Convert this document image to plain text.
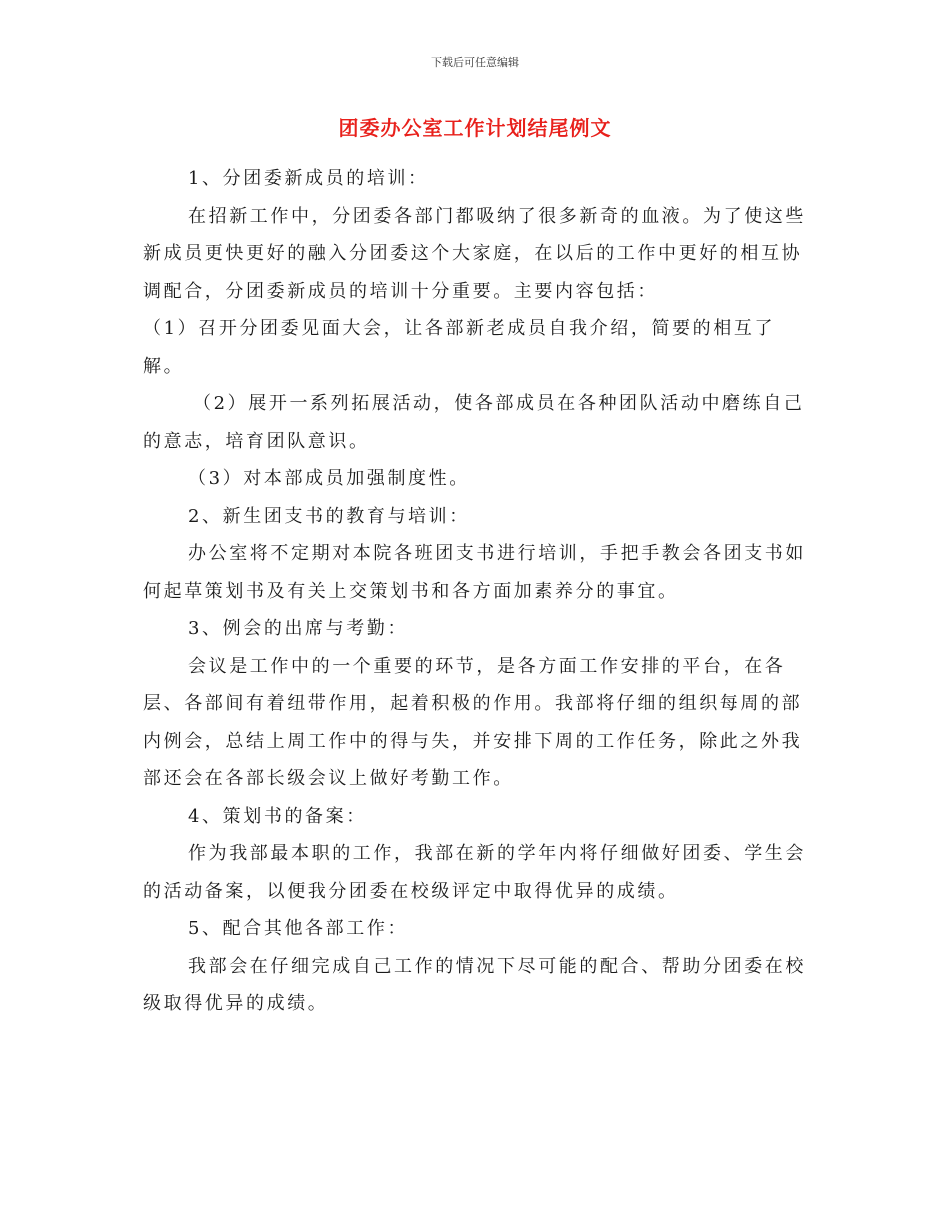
下载后可任意编辑
团委办公室工作计划结尾例文

1、分团委新成员的培训：

在招新工作中，分团委各部门都吸纳了很多新奇的血液。为了使这些新成员更快更好的融入分团委这个大家庭，在以后的工作中更好的相互协调配合，分团委新成员的培训十分重要。主要内容包括：

（1）召开分团委见面大会，让各部新老成员自我介绍，简要的相互了解。

（2）展开一系列拓展活动，使各部成员在各种团队活动中磨练自己的意志，培育团队意识。

（3）对本部成员加强制度性。

2、新生团支书的教育与培训：

办公室将不定期对本院各班团支书进行培训，手把手教会各团支书如何起草策划书及有关上交策划书和各方面加素养分的事宜。

3、例会的出席与考勤：

会议是工作中的一个重要的环节，是各方面工作安排的平台，在各层、各部间有着纽带作用，起着积极的作用。我部将仔细的组织每周的部内例会，总结上周工作中的得与失，并安排下周的工作任务，除此之外我部还会在各部长级会议上做好考勤工作。

4、策划书的备案：

作为我部最本职的工作，我部在新的学年内将仔细做好团委、学生会的活动备案，以便我分团委在校级评定中取得优异的成绩。

5、配合其他各部工作：

我部会在仔细完成自己工作的情况下尽可能的配合、帮助分团委在校级取得优异的成绩。
